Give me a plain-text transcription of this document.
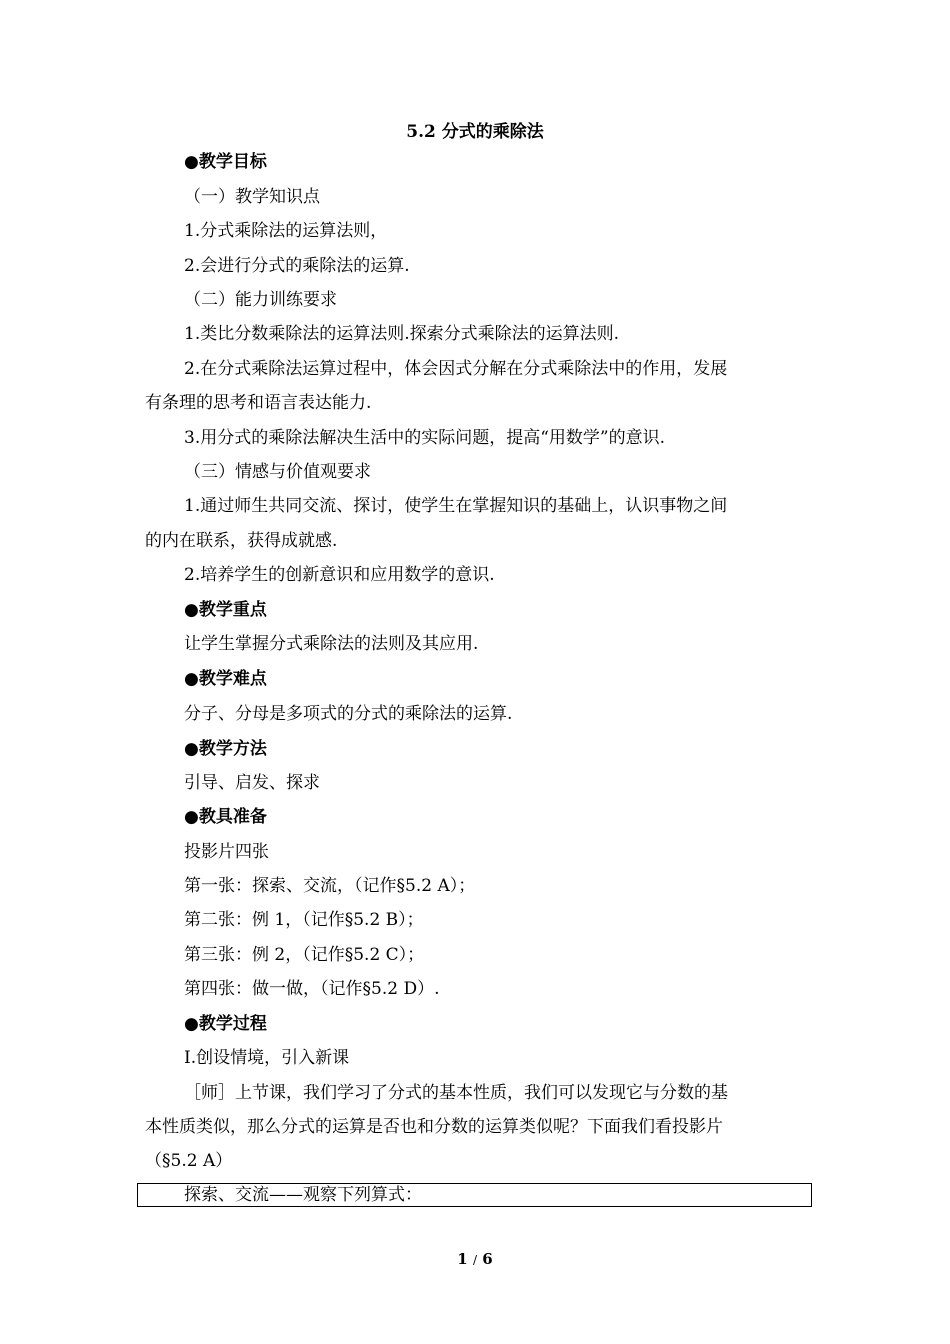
5.2 分式的乘除法
●教学目标
（一）教学知识点
1.分式乘除法的运算法则，
2.会进行分式的乘除法的运算.
（二）能力训练要求
1.类比分数乘除法的运算法则.探索分式乘除法的运算法则.
2.在分式乘除法运算过程中，体会因式分解在分式乘除法中的作用，发展
有条理的思考和语言表达能力.
3.用分式的乘除法解决生活中的实际问题，提高“用数学”的意识.
（三）情感与价值观要求
1.通过师生共同交流、探讨，使学生在掌握知识的基础上，认识事物之间
的内在联系，获得成就感.
2.培养学生的创新意识和应用数学的意识.
●教学重点
让学生掌握分式乘除法的法则及其应用.
●教学难点
分子、分母是多项式的分式的乘除法的运算.
●教学方法
引导、启发、探求
●教具准备
投影片四张
第一张：探索、交流，（记作§5.2 A）；
第二张：例 1，（记作§5.2 B）；
第三张：例 2，（记作§5.2 C）；
第四张：做一做，（记作§5.2 D）.
●教学过程
Ⅰ.创设情境，引入新课
［师］上节课，我们学习了分式的基本性质，我们可以发现它与分数的基
本性质类似，那么分式的运算是否也和分数的运算类似呢？下面我们看投影片
（§5.2 A）
探索、交流——观察下列算式：
1 / 6
